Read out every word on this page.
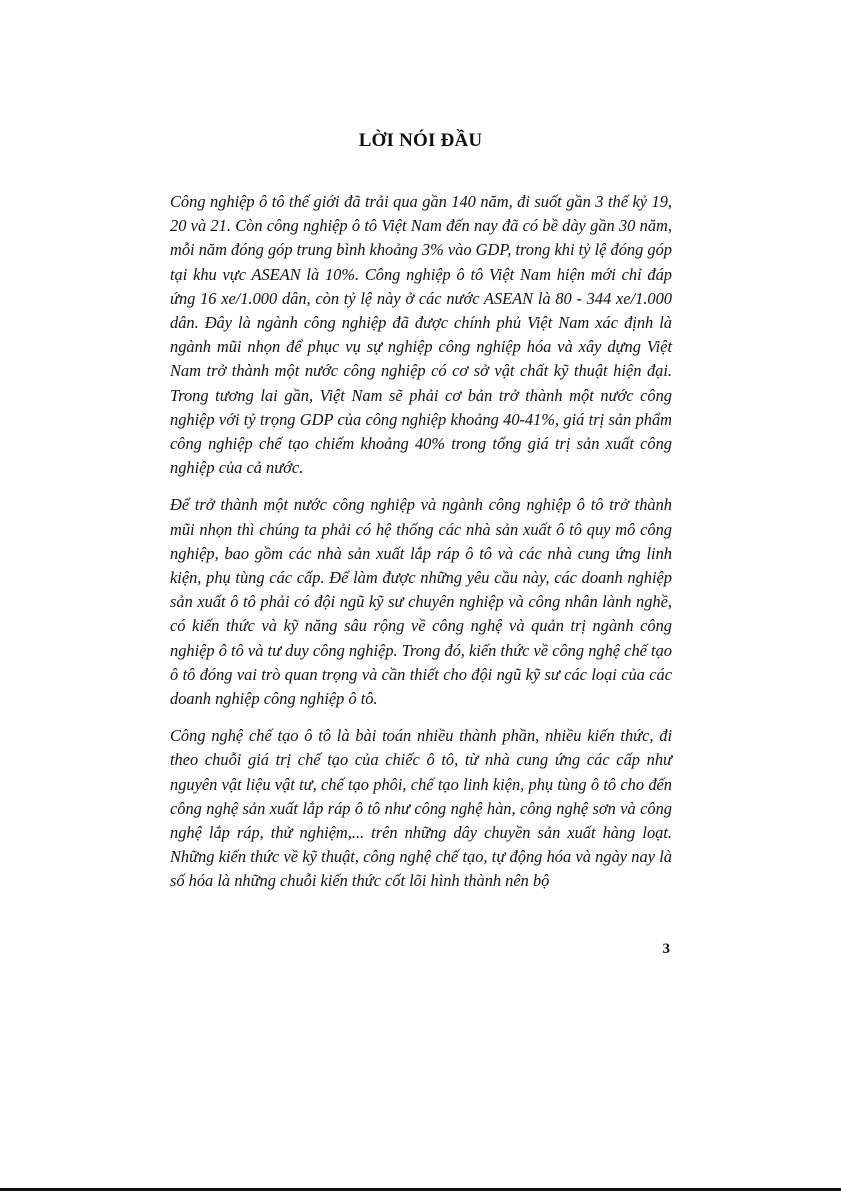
LỜI NÓI ĐẦU

Công nghiệp ô tô thế giới đã trải qua gần 140 năm, đi suốt gần 3 thế kỷ 19, 20 và 21. Còn công nghiệp ô tô Việt Nam đến nay đã có bề dày gần 30 năm, mỗi năm đóng góp trung bình khoảng 3% vào GDP, trong khi tỷ lệ đóng góp tại khu vực ASEAN là 10%. Công nghiệp ô tô Việt Nam hiện mới chỉ đáp ứng 16 xe/1.000 dân, còn tỷ lệ này ở các nước ASEAN là 80 - 344 xe/1.000 dân. Đây là ngành công nghiệp đã được chính phủ Việt Nam xác định là ngành mũi nhọn để phục vụ sự nghiệp công nghiệp hóa và xây dựng Việt Nam trở thành một nước công nghiệp có cơ sở vật chất kỹ thuật hiện đại. Trong tương lai gần, Việt Nam sẽ phải cơ bản trở thành một nước công nghiệp với tỷ trọng GDP của công nghiệp khoảng 40-41%, giá trị sản phẩm công nghiệp chế tạo chiếm khoảng 40% trong tổng giá trị sản xuất công nghiệp của cả nước.

Để trở thành một nước công nghiệp và ngành công nghiệp ô tô trở thành mũi nhọn thì chúng ta phải có hệ thống các nhà sản xuất ô tô quy mô công nghiệp, bao gồm các nhà sản xuất lắp ráp ô tô và các nhà cung ứng linh kiện, phụ tùng các cấp. Để làm được những yêu cầu này, các doanh nghiệp sản xuất ô tô phải có đội ngũ kỹ sư chuyên nghiệp và công nhân lành nghề, có kiến thức và kỹ năng sâu rộng về công nghệ và quản trị ngành công nghiệp ô tô và tư duy công nghiệp. Trong đó, kiến thức về công nghệ chế tạo ô tô đóng vai trò quan trọng và cần thiết cho đội ngũ kỹ sư các loại của các doanh nghiệp công nghiệp ô tô.

Công nghệ chế tạo ô tô là bài toán nhiều thành phần, nhiều kiến thức, đi theo chuỗi giá trị chế tạo của chiếc ô tô, từ nhà cung ứng các cấp như nguyên vật liệu vật tư, chế tạo phôi, chế tạo linh kiện, phụ tùng ô tô cho đến công nghệ sản xuất lắp ráp ô tô như công nghệ hàn, công nghệ sơn và công nghệ lắp ráp, thử nghiệm,... trên những dây chuyền sản xuất hàng loạt. Những kiến thức về kỹ thuật, công nghệ chế tạo, tự động hóa và ngày nay là số hóa là những chuỗi kiến thức cốt lõi hình thành nên bộ

3
